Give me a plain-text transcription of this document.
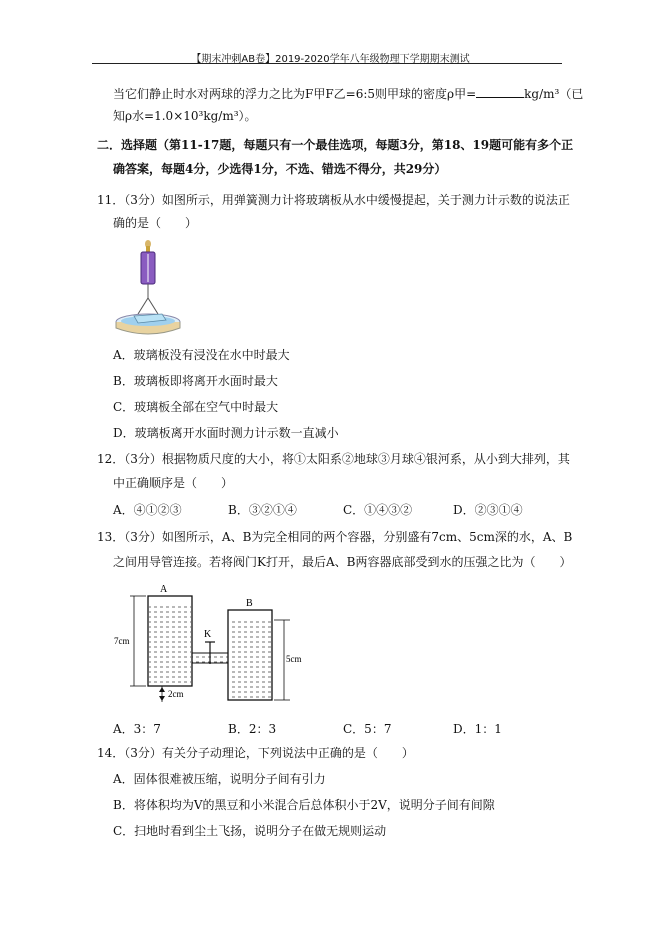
【期末冲刺AB卷】2019-2020学年八年级物理下学期期末测试
当它们静止时水对两球的浮力之比为F甲F乙=6:5则甲球的密度ρ甲=	kg/m³（已
知ρ水=1.0×10³kg/m³）。
二．选择题（第11-17题，每题只有一个最佳选项，每题3分，第18、19题可能有多个正
确答案，每题4分，少选得1分，不选、错选不得分，共29分）
11．（3分）如图所示，用弹簧测力计将玻璃板从水中缓慢提起，关于测力计示数的说法正
确的是（　　）
A．玻璃板没有浸没在水中时最大
B．玻璃板即将离开水面时最大
C．玻璃板全部在空气中时最大
D．玻璃板离开水面时测力计示数一直减小
12．（3分）根据物质尺度的大小，将①太阳系②地球③月球④银河系，从小到大排列，其
中正确顺序是（　　）
A．④①②③	B．③②①④	C．①④③②	D．②③①④
13．（3分）如图所示，A、B为完全相同的两个容器，分别盛有7cm、5cm深的水，A、B
之间用导管连接。若将阀门K打开，最后A、B两容器底部受到水的压强之比为（　　）
A
B
K
7cm
5cm
2cm
A．3：7	B．2：3	C．5：7	D．1：1
14．（3分）有关分子动理论，下列说法中正确的是（　　）
A．固体很难被压缩，说明分子间有引力
B．将体积均为V的黑豆和小米混合后总体积小于2V，说明分子间有间隙
C．扫地时看到尘土飞扬，说明分子在做无规则运动
